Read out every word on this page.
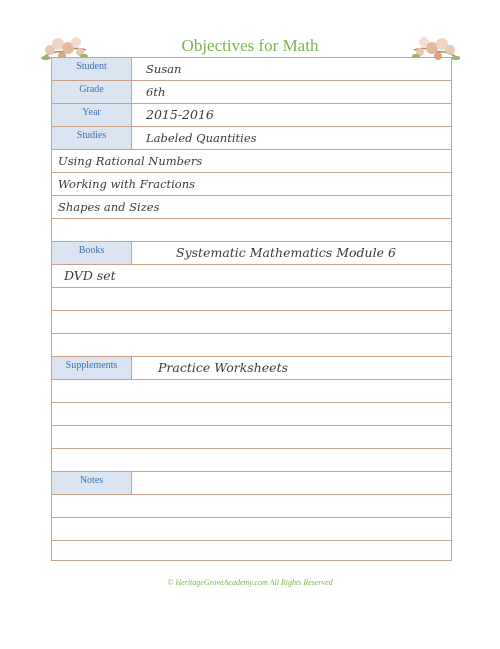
Objectives for Math
Student	Susan
Grade	6th
Year	2015-2016
Studies	Labeled Quantities
Using Rational Numbers
Working with Fractions
Shapes and Sizes
Books	Systematic Mathematics Module 6
DVD set
Supplements	Practice Worksheets
Notes
© HeritageGroveAcademy.com All Rights Reserved
